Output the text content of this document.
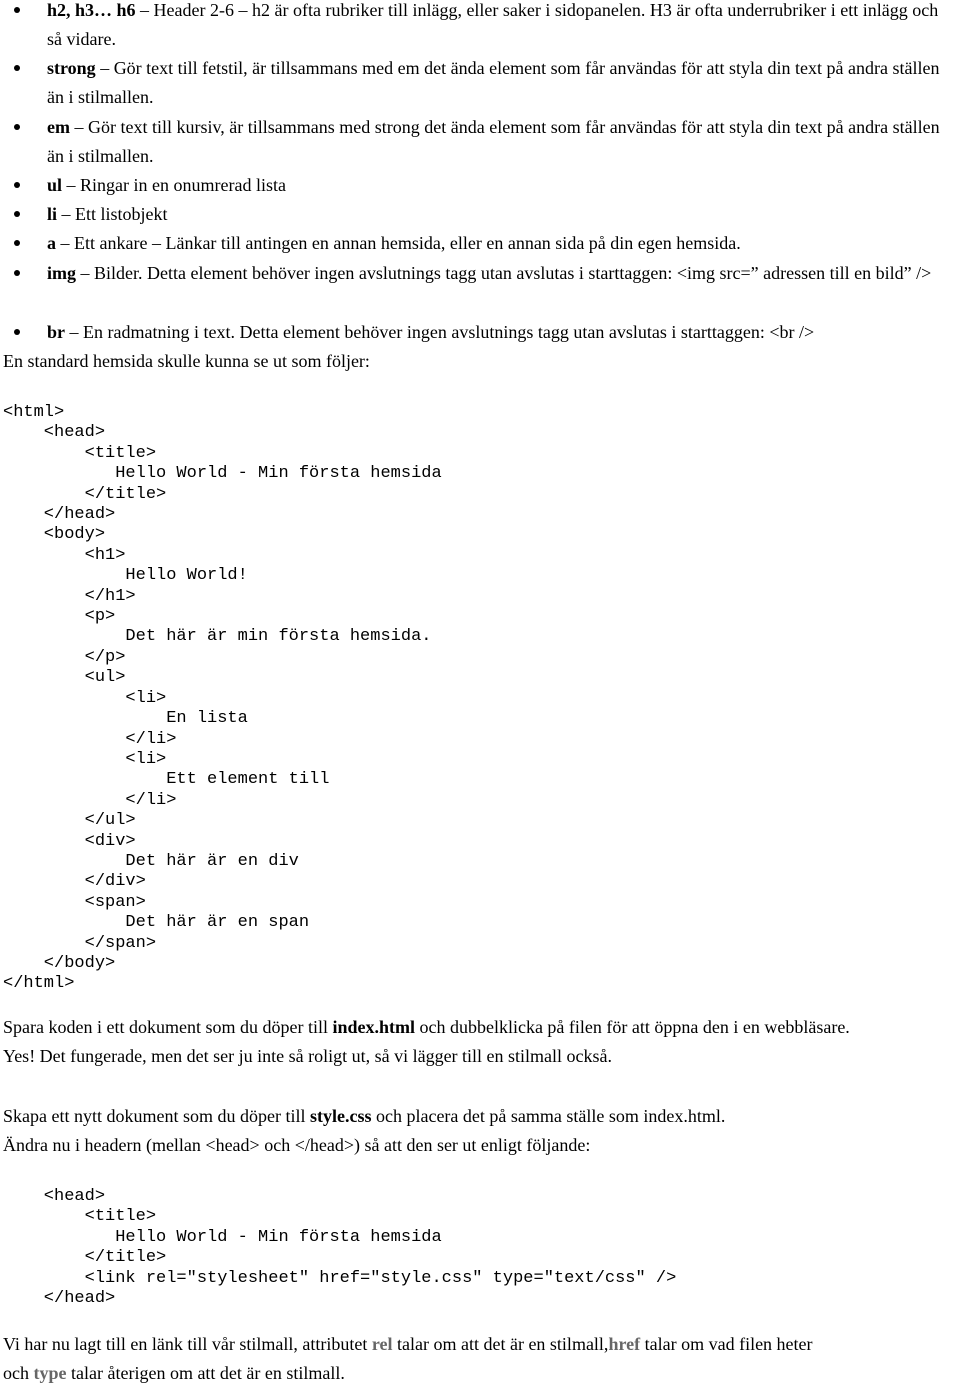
h2, h3… h6 – Header 2-6 – h2 är ofta rubriker till inlägg, eller saker i sidopanelen. H3 är ofta underrubriker i ett inlägg och så vidare.
strong – Gör text till fetstil, är tillsammans med em det ända element som får användas för att styla din text på andra ställen än i stilmallen.
em – Gör text till kursiv, är tillsammans med strong det ända element som får användas för att styla din text på andra ställen än i stilmallen.
ul – Ringar in en onumrerad lista
li – Ett listobjekt
a – Ett ankare – Länkar till antingen en annan hemsida, eller en annan sida på din egen hemsida.
img – Bilder. Detta element behöver ingen avslutnings tagg utan avslutas i starttaggen: <img src=” adressen till en bild” />
br – En radmatning i text. Detta element behöver ingen avslutnings tagg utan avslutas i starttaggen: <br />
En standard hemsida skulle kunna se ut som följer:
<html>
<head>
<title>
Hello World - Min första hemsida
</title>
</head>
<body>
<h1>
Hello World!
</h1>
<p>
Det här är min första hemsida.
</p>
<ul>
<li>
En lista
</li>
<li>
Ett element till
</li>
</ul>
<div>
Det här är en div
</div>
<span>
Det här är en span
</span>
</body>
</html>
Spara koden i ett dokument som du döper till index.html och dubbelklicka på filen för att öppna den i en webbläsare.
Yes! Det fungerade, men det ser ju inte så roligt ut, så vi lägger till en stilmall också.
Skapa ett nytt dokument som du döper till style.css och placera det på samma ställe som index.html.
Ändra nu i headern (mellan <head> och </head>) så att den ser ut enligt följande:
<head>
<title>
Hello World - Min första hemsida
</title>
<link rel="stylesheet" href="style.css" type="text/css" />
</head>
Vi har nu lagt till en länk till vår stilmall, attributet rel talar om att det är en stilmall,href talar om vad filen heter
och type talar återigen om att det är en stilmall.
